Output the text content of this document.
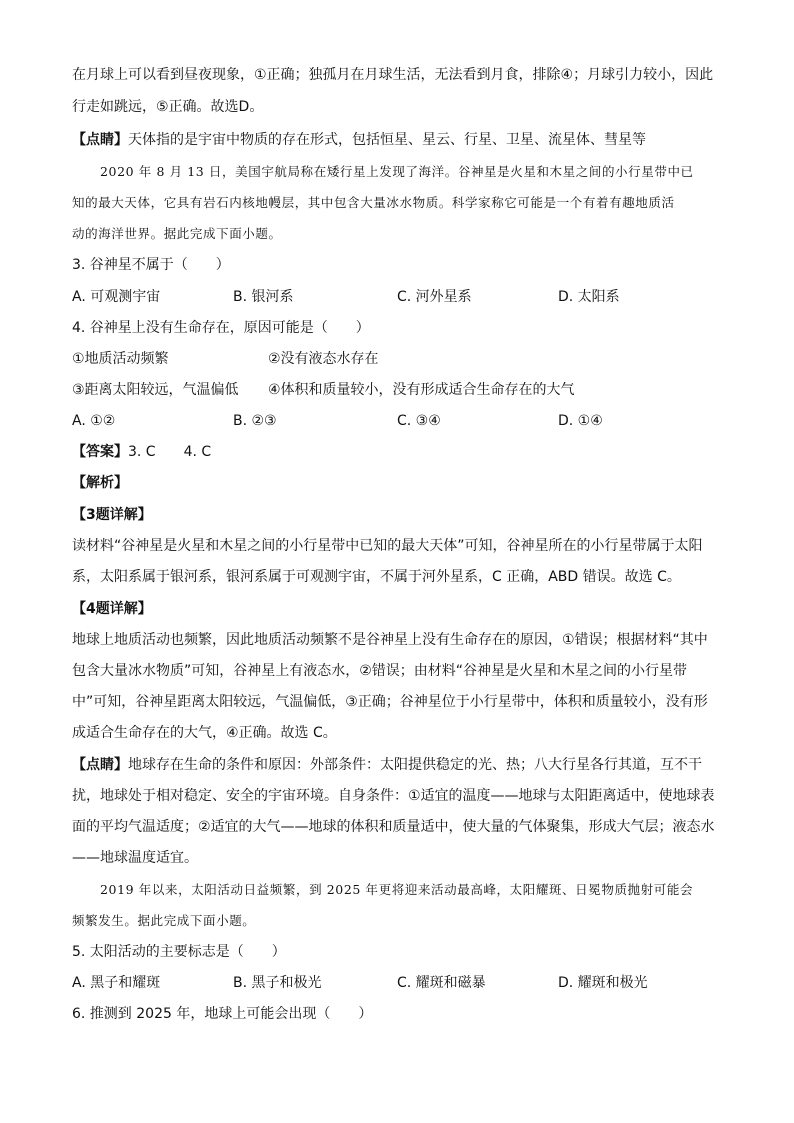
在月球上可以看到昼夜现象，①正确；独孤月在月球生活，无法看到月食，排除④；月球引力较小，因此
行走如跳远，⑤正确。故选D。
【点睛】天体指的是宇宙中物质的存在形式，包括恒星、星云、行星、卫星、流星体、彗星等
2020 年 8 月 13 日，美国宇航局称在矮行星上发现了海洋。谷神星是火星和木星之间的小行星带中已
知的最大天体，它具有岩石内核地幔层，其中包含大量冰水物质。科学家称它可能是一个有着有趣地质活
动的海洋世界。据此完成下面小题。
3. 谷神星不属于（　　）
A. 可观测宇宙	B. 银河系	C. 河外星系	D. 太阳系
4. 谷神星上没有生命存在，原因可能是（　　）
①地质活动频繁	②没有液态水存在
③距离太阳较远，气温偏低 ④体积和质量较小，没有形成适合生命存在的大气
A. ①②	B. ②③	C. ③④	D. ①④
【答案】3. C　　4. C
【解析】
【3题详解】
读材料“谷神星是火星和木星之间的小行星带中已知的最大天体”可知，谷神星所在的小行星带属于太阳
系，太阳系属于银河系，银河系属于可观测宇宙，不属于河外星系，C 正确，ABD 错误。故选 C。
【4题详解】
地球上地质活动也频繁，因此地质活动频繁不是谷神星上没有生命存在的原因，①错误；根据材料“其中
包含大量冰水物质”可知，谷神星上有液态水，②错误；由材料“谷神星是火星和木星之间的小行星带
中”可知，谷神星距离太阳较远，气温偏低，③正确；谷神星位于小行星带中，体积和质量较小，没有形
成适合生命存在的大气，④正确。故选 C。
【点睛】地球存在生命的条件和原因：外部条件：太阳提供稳定的光、热；八大行星各行其道，互不干
扰，地球处于相对稳定、安全的宇宙环境。自身条件：①适宜的温度——地球与太阳距离适中，使地球表
面的平均气温适度；②适宜的大气——地球的体积和质量适中，使大量的气体聚集，形成大气层；液态水
——地球温度适宜。
2019 年以来，太阳活动日益频繁，到 2025 年更将迎来活动最高峰，太阳耀斑、日冕物质抛射可能会
频繁发生。据此完成下面小题。
5. 太阳活动的主要标志是（　　）
A. 黑子和耀斑	B. 黑子和极光	C. 耀斑和磁暴	D. 耀斑和极光
6. 推测到 2025 年，地球上可能会出现（　　）
